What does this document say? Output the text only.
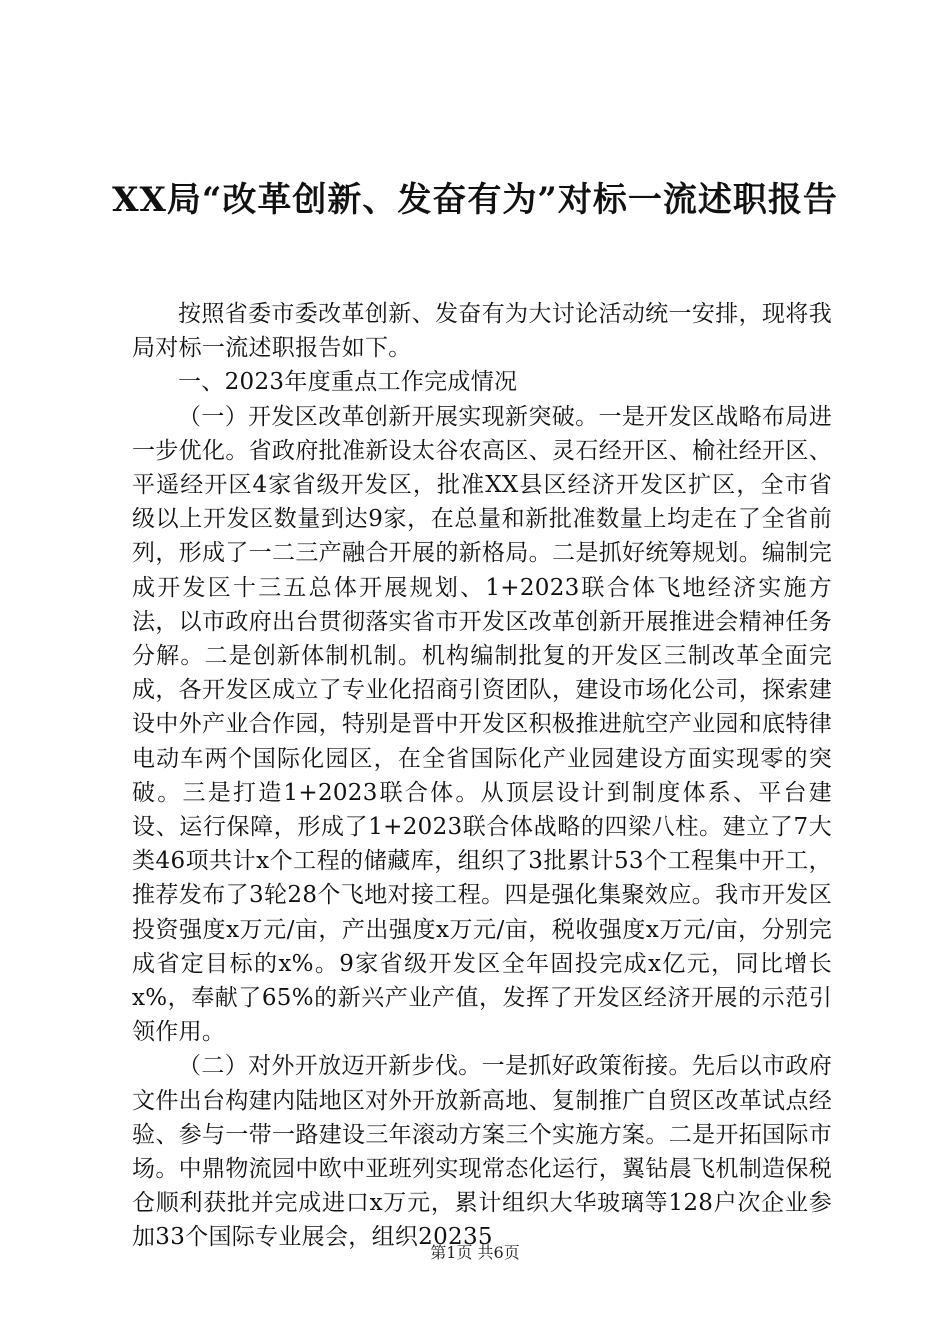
XX局“改革创新、发奋有为”对标一流述职报告

按照省委市委改革创新、发奋有为大讨论活动统一安排，现将我局对标一流述职报告如下。

一、2023年度重点工作完成情况

（一）开发区改革创新开展实现新突破。一是开发区战略布局进一步优化。省政府批准新设太谷农高区、灵石经开区、榆社经开区、平遥经开区4家省级开发区，批准XX县区经济开发区扩区，全市省级以上开发区数量到达9家，在总量和新批准数量上均走在了全省前列，形成了一二三产融合开展的新格局。二是抓好统筹规划。编制完成开发区十三五总体开展规划、1+2023联合体飞地经济实施方法，以市政府出台贯彻落实省市开发区改革创新开展推进会精神任务分解。二是创新体制机制。机构编制批复的开发区三制改革全面完成，各开发区成立了专业化招商引资团队，建设市场化公司，探索建设中外产业合作园，特别是晋中开发区积极推进航空产业园和底特律电动车两个国际化园区，在全省国际化产业园建设方面实现零的突破。三是打造1+2023联合体。从顶层设计到制度体系、平台建设、运行保障，形成了1+2023联合体战略的四梁八柱。建立了7大类46项共计x个工程的储藏库，组织了3批累计53个工程集中开工，推荐发布了3轮28个飞地对接工程。四是强化集聚效应。我市开发区投资强度x万元/亩，产出强度x万元/亩，税收强度x万元/亩，分别完成省定目标的x%。9家省级开发区全年固投完成x亿元，同比增长x%，奉献了65%的新兴产业产值，发挥了开发区经济开展的示范引领作用。

（二）对外开放迈开新步伐。一是抓好政策衔接。先后以市政府文件出台构建内陆地区对外开放新高地、复制推广自贸区改革试点经验、参与一带一路建设三年滚动方案三个实施方案。二是开拓国际市场。中鼎物流园中欧中亚班列实现常态化运行，翼钻晨飞机制造保税仓顺利获批并完成进口x万元，累计组织大华玻璃等128户次企业参加33个国际专业展会，组织20235

第1页 共6页
